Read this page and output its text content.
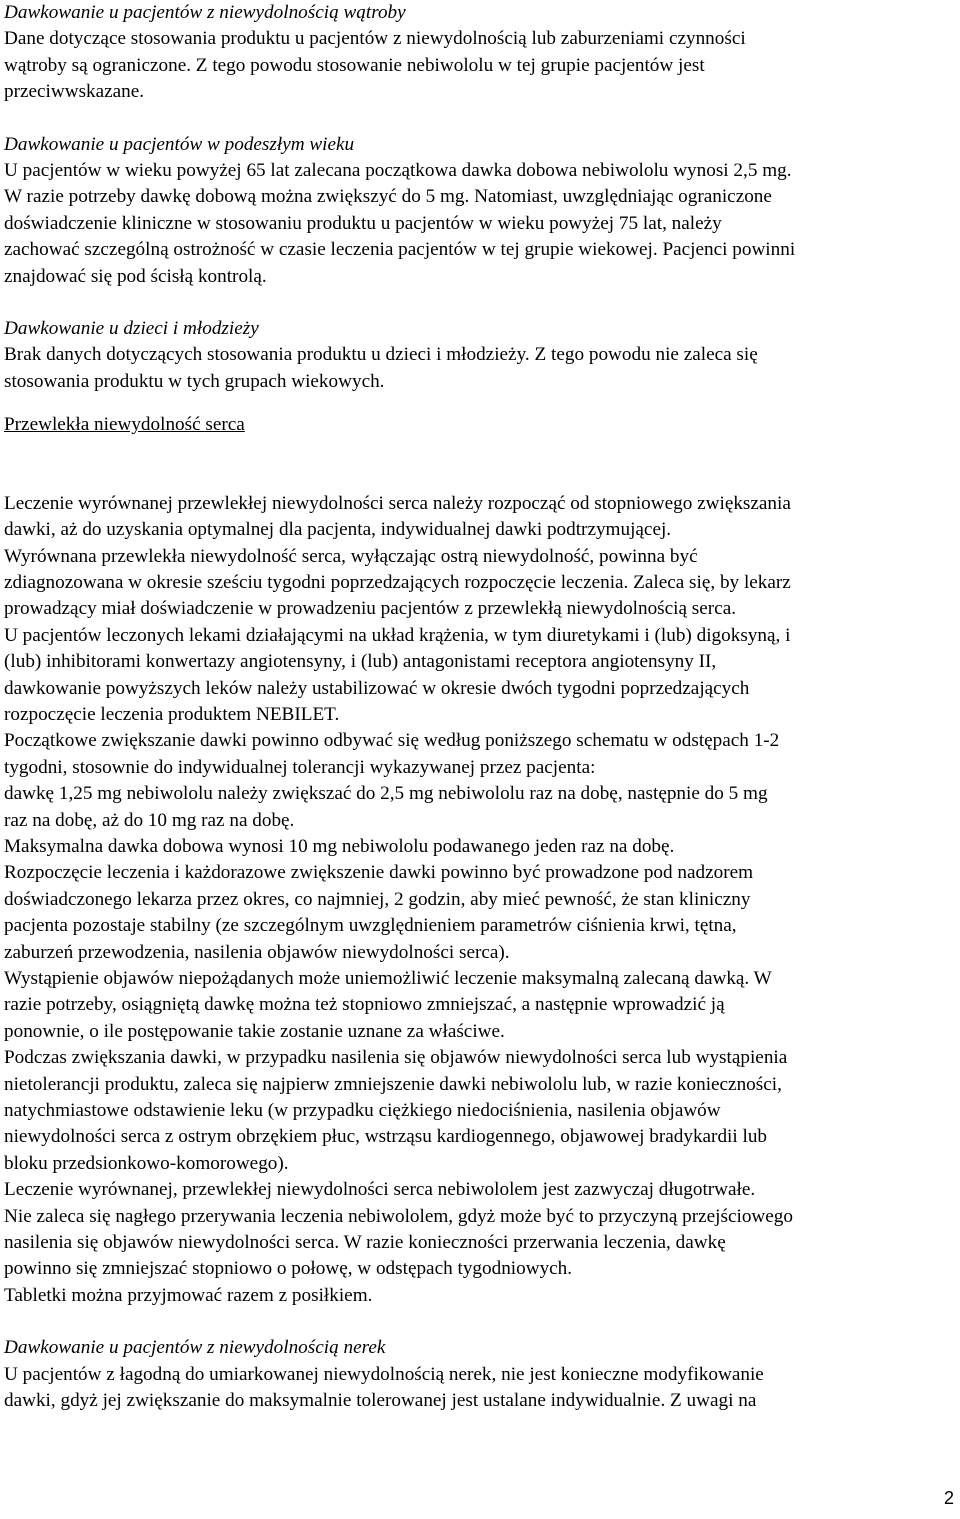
Dawkowanie u pacjentów z niewydolnością wątroby

Dane dotyczące stosowania produktu u pacjentów z niewydolnością lub zaburzeniami czynności
wątroby są ograniczone. Z tego powodu stosowanie nebiwololu w tej grupie pacjentów jest
przeciwwskazane.

Dawkowanie u pacjentów w podeszłym wieku

U pacjentów w wieku powyżej 65 lat zalecana początkowa dawka dobowa nebiwololu wynosi 2,5 mg.
W razie potrzeby dawkę dobową można zwiększyć do 5 mg. Natomiast, uwzględniając ograniczone
doświadczenie kliniczne w stosowaniu produktu u pacjentów w wieku powyżej 75 lat, należy
zachować szczególną ostrożność w czasie leczenia pacjentów w tej grupie wiekowej. Pacjenci powinni
znajdować się pod ścisłą kontrolą.

Dawkowanie u dzieci i młodzieży

Brak danych dotyczących stosowania produktu u dzieci i młodzieży. Z tego powodu nie zaleca się
stosowania produktu w tych grupach wiekowych.

Przewlekła niewydolność serca

Leczenie wyrównanej przewlekłej niewydolności serca należy rozpocząć od stopniowego zwiększania
dawki, aż do uzyskania optymalnej dla pacjenta, indywidualnej dawki podtrzymującej.

Wyrównana przewlekła niewydolność serca, wyłączając ostrą niewydolność, powinna być
zdiagnozowana w okresie sześciu tygodni poprzedzających rozpoczęcie leczenia. Zaleca się, by lekarz
prowadzący miał doświadczenie w prowadzeniu pacjentów z przewlekłą niewydolnością serca.

U pacjentów leczonych lekami działającymi na układ krążenia, w tym diuretykami i (lub) digoksyną, i
(lub) inhibitorami konwertazy angiotensyny, i (lub) antagonistami receptora angiotensyny II,
dawkowanie powyższych leków należy ustabilizować w okresie dwóch tygodni poprzedzających
rozpoczęcie leczenia produktem NEBILET.

Początkowe zwiększanie dawki powinno odbywać się według poniższego schematu w odstępach 1-2
tygodni, stosownie do indywidualnej tolerancji wykazywanej przez pacjenta:

dawkę 1,25 mg nebiwololu należy zwiększać do 2,5 mg nebiwololu raz na dobę, następnie do 5 mg
raz na dobę, aż do 10 mg raz na dobę.

Maksymalna dawka dobowa wynosi 10 mg nebiwololu podawanego jeden raz na dobę.

Rozpoczęcie leczenia i każdorazowe zwiększenie dawki powinno być prowadzone pod nadzorem
doświadczonego lekarza przez okres, co najmniej, 2 godzin, aby mieć pewność, że stan kliniczny
pacjenta pozostaje stabilny (ze szczególnym uwzględnieniem parametrów ciśnienia krwi, tętna,
zaburzeń przewodzenia, nasilenia objawów niewydolności serca).

Wystąpienie objawów niepożądanych może uniemożliwić leczenie maksymalną zalecaną dawką. W
razie potrzeby, osiągniętą dawkę można też stopniowo zmniejszać, a następnie wprowadzić ją
ponownie, o ile postępowanie takie zostanie uznane za właściwe.

Podczas zwiększania dawki, w przypadku nasilenia się objawów niewydolności serca lub wystąpienia
nietolerancji produktu, zaleca się najpierw zmniejszenie dawki nebiwololu lub, w razie konieczności,
natychmiastowe odstawienie leku (w przypadku ciężkiego niedociśnienia, nasilenia objawów
niewydolności serca z ostrym obrzękiem płuc, wstrząsu kardiogennego, objawowej bradykardii lub
bloku przedsionkowo-komorowego).

Leczenie wyrównanej, przewlekłej niewydolności serca nebiwololem jest zazwyczaj długotrwałe.

Nie zaleca się nagłego przerywania leczenia nebiwololem, gdyż może być to przyczyną przejściowego
nasilenia się objawów niewydolności serca. W razie konieczności przerwania leczenia, dawkę
powinno się zmniejszać stopniowo o połowę, w odstępach tygodniowych.

Tabletki można przyjmować razem z posiłkiem.

Dawkowanie u pacjentów z niewydolnością nerek

U pacjentów z łagodną do umiarkowanej niewydolnością nerek, nie jest konieczne modyfikowanie
dawki, gdyż jej zwiększanie do maksymalnie tolerowanej jest ustalane indywidualnie. Z uwagi na

2
